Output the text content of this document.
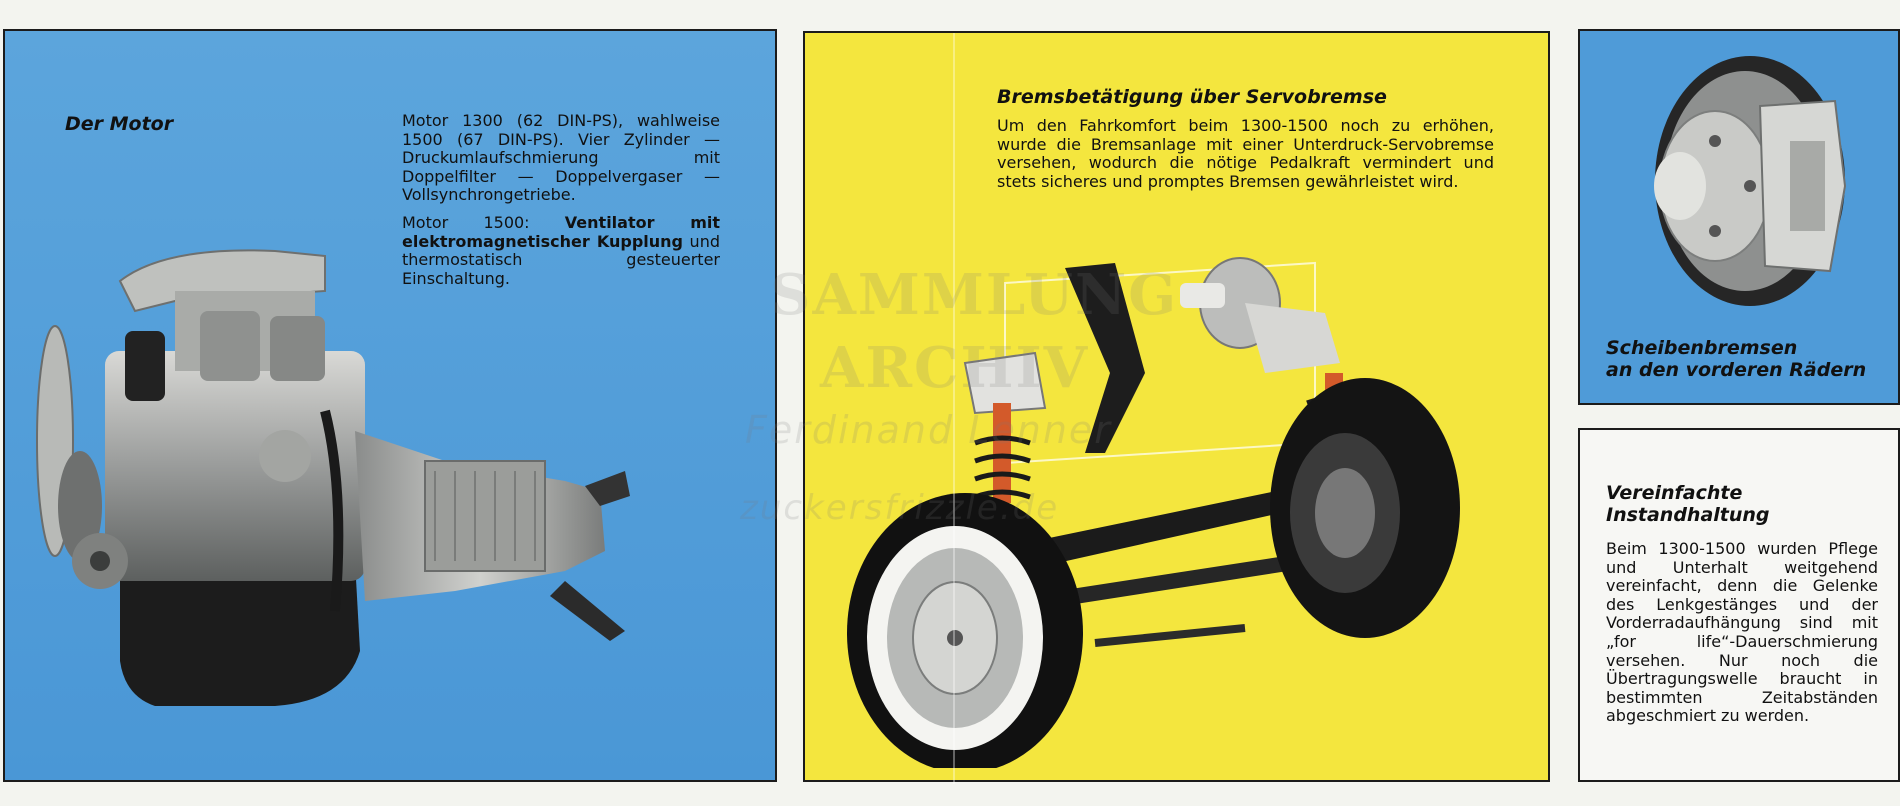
Der Motor	Motor 1300 (62 DIN-PS), wahlweise 1500 (67 DIN-PS). Vier Zylinder — Druckumlaufschmierung mit Doppelfilter — Doppelvergaser — Vollsynchrongetriebe.

Motor 1500: Ventilator mit elektromagnetischer Kupplung und thermostatisch gesteuerter Einschaltung.

Bremsbetätigung über Servobremse

Um den Fahrkomfort beim 1300-1500 noch zu erhöhen, wurde die Bremsanlage mit einer Unterdruck-Servobremse versehen, wodurch die nötige Pedalkraft vermindert und stets sicheres und promptes Bremsen gewährleistet wird.

Scheibenbremsen
an den vorderen Rädern
Vereinfachte
Instandhaltung

Beim 1300-1500 wurden Pflege und Unterhalt weitgehend vereinfacht, denn die Gelenke des Lenkgestänges und der Vorderradaufhängung sind mit „for life“-Dauerschmierung versehen. Nur noch die Übertragungswelle braucht in bestimmten Zeitabständen abgeschmiert zu werden.
